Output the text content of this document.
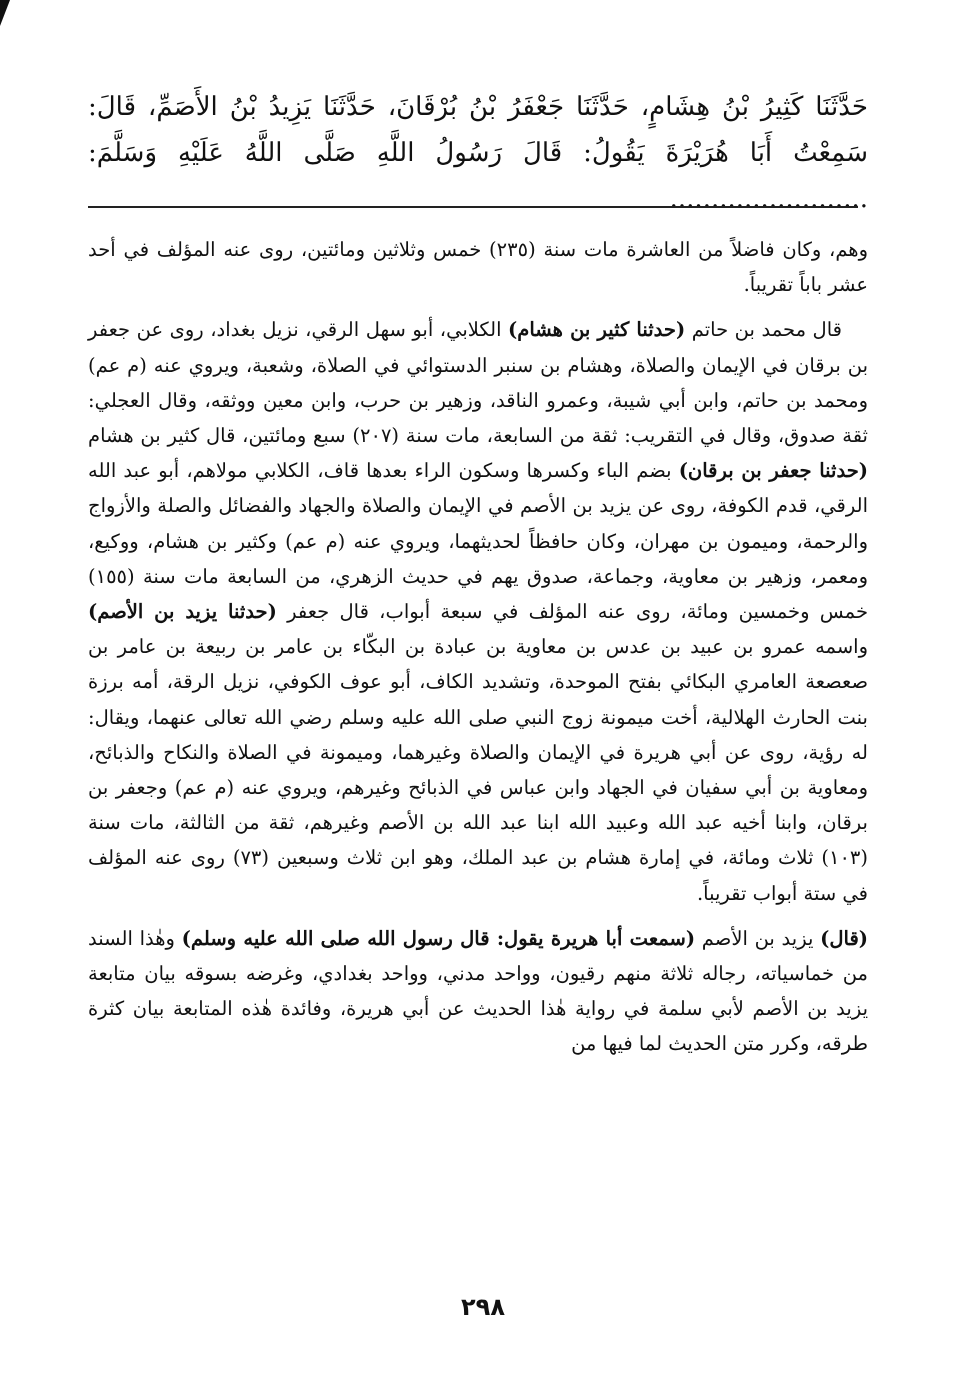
حَدَّثَنَا كَثِيرُ بْنُ هِشَامٍ، حَدَّثَنَا جَعْفَرُ بْنُ بُرْقَانَ، حَدَّثَنَا يَزِيدُ بْنُ الأَصَمِّ، قَالَ:

سَمِعْتُ أَبَا هُرَيْرَةَ يَقُولُ: قَالَ رَسُولُ اللَّهِ صَلَّى اللَّهُ عَلَيْهِ وَسَلَّمَ: ........................

وهم، وكان فاضلاً من العاشرة مات سنة (٢٣٥) خمس وثلاثين ومائتين، روى عنه المؤلف في أحد عشر باباً تقريباً.

قال محمد بن حاتم (حدثنا كثير بن هشام) الكلابي، أبو سهل الرقي، نزيل بغداد، روى عن جعفر بن برقان في الإيمان والصلاة، وهشام بن سنبر الدستوائي في الصلاة، وشعبة، ويروي عنه (م عم) ومحمد بن حاتم، وابن أبي شيبة، وعمرو الناقد، وزهير بن حرب، وابن معين ووثقه، وقال العجلي: ثقة صدوق، وقال في التقريب: ثقة من السابعة، مات سنة (٢٠٧) سبع ومائتين، قال كثير بن هشام (حدثنا جعفر بن برقان) بضم الباء وكسرها وسكون الراء بعدها قاف، الكلابي مولاهم، أبو عبد الله الرقي، قدم الكوفة، روى عن يزيد بن الأصم في الإيمان والصلاة والجهاد والفضائل والصلة والأزواج والرحمة، وميمون بن مهران، وكان حافظاً لحديثهما، ويروي عنه (م عم) وكثير بن هشام، ووكيع، ومعمر، وزهير بن معاوية، وجماعة، صدوق يهم في حديث الزهري، من السابعة مات سنة (١٥٥) خمس وخمسين ومائة، روى عنه المؤلف في سبعة أبواب، قال جعفر (حدثنا يزيد بن الأصم) واسمه عمرو بن عبيد بن عدس بن معاوية بن عبادة بن البكّاء بن عامر بن ربيعة بن عامر بن صعصعة العامري البكائي بفتح الموحدة، وتشديد الكاف، أبو عوف الكوفي، نزيل الرقة، أمه برزة بنت الحارث الهلالية، أخت ميمونة زوج النبي صلى الله عليه وسلم رضي الله تعالى عنهما، ويقال: له رؤية، روى عن أبي هريرة في الإيمان والصلاة وغيرهما، وميمونة في الصلاة والنكاح والذبائح، ومعاوية بن أبي سفيان في الجهاد وابن عباس في الذبائح وغيرهم، ويروي عنه (م عم) وجعفر بن برقان، وابنا أخيه عبد الله وعبيد الله ابنا عبد الله بن الأصم وغيرهم، ثقة من الثالثة، مات سنة (١٠٣) ثلاث ومائة، في إمارة هشام بن عبد الملك، وهو ابن ثلاث وسبعين (٧٣) روى عنه المؤلف في ستة أبواب تقريباً.

(قال) يزيد بن الأصم (سمعت أبا هريرة يقول: قال رسول الله صلى الله عليه وسلم) وهٰذا السند من خماسياته، رجاله ثلاثة منهم رقيون، وواحد مدني، وواحد بغدادي، وغرضه بسوقه بيان متابعة يزيد بن الأصم لأبي سلمة في رواية هٰذا الحديث عن أبي هريرة، وفائدة هٰذه المتابعة بيان كثرة طرقه، وكرر متن الحديث لما فيها من

٢٩٨
